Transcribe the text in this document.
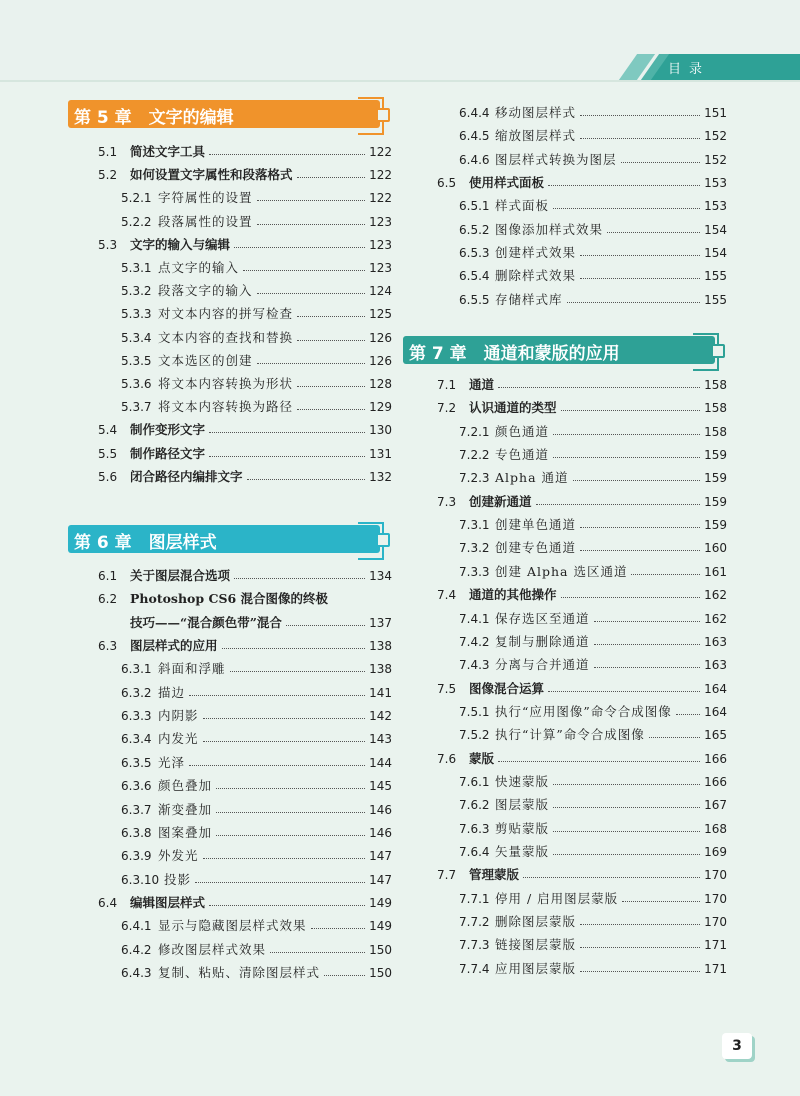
目录
第 5 章　文字的编辑
5.1 简述文字工具	122
5.2 如何设置文字属性和段落格式	122
5.2.1 字符属性的设置	122
5.2.2 段落属性的设置	123
5.3 文字的输入与编辑	123
5.3.1 点文字的输入	123
5.3.2 段落文字的输入	124
5.3.3 对文本内容的拼写检查	125
5.3.4 文本内容的查找和替换	126
5.3.5 文本选区的创建	126
5.3.6 将文本内容转换为形状	128
5.3.7 将文本内容转换为路径	129
5.4 制作变形文字	130
5.5 制作路径文字	131
5.6 闭合路径内编排文字	132
第 6 章　图层样式
6.1 关于图层混合选项	134
6.2 Photoshop CS6 混合图像的终极
技巧——“混合颜色带”混合	137
6.3 图层样式的应用	138
6.3.1 斜面和浮雕	138
6.3.2 描边	141
6.3.3 内阴影	142
6.3.4 内发光	143
6.3.5 光泽	144
6.3.6 颜色叠加	145
6.3.7 渐变叠加	146
6.3.8 图案叠加	146
6.3.9 外发光	147
6.3.10 投影	147
6.4 编辑图层样式	149
6.4.1 显示与隐藏图层样式效果	149
6.4.2 修改图层样式效果	150
6.4.3 复制、粘贴、清除图层样式	150
6.4.4 移动图层样式	151
6.4.5 缩放图层样式	152
6.4.6 图层样式转换为图层	152
6.5 使用样式面板	153
6.5.1 样式面板	153
6.5.2 图像添加样式效果	154
6.5.3 创建样式效果	154
6.5.4 删除样式效果	155
6.5.5 存储样式库	155
第 7 章　通道和蒙版的应用
7.1 通道	158
7.2 认识通道的类型	158
7.2.1 颜色通道	158
7.2.2 专色通道	159
7.2.3 Alpha 通道	159
7.3 创建新通道	159
7.3.1 创建单色通道	159
7.3.2 创建专色通道	160
7.3.3 创建 Alpha 选区通道	161
7.4 通道的其他操作	162
7.4.1 保存选区至通道	162
7.4.2 复制与删除通道	163
7.4.3 分离与合并通道	163
7.5 图像混合运算	164
7.5.1 执行“应用图像”命令合成图像	164
7.5.2 执行“计算”命令合成图像	165
7.6 蒙版	166
7.6.1 快速蒙版	166
7.6.2 图层蒙版	167
7.6.3 剪贴蒙版	168
7.6.4 矢量蒙版	169
7.7 管理蒙版	170
7.7.1 停用 / 启用图层蒙版	170
7.7.2 删除图层蒙版	170
7.7.3 链接图层蒙版	171
7.7.4 应用图层蒙版	171
3
